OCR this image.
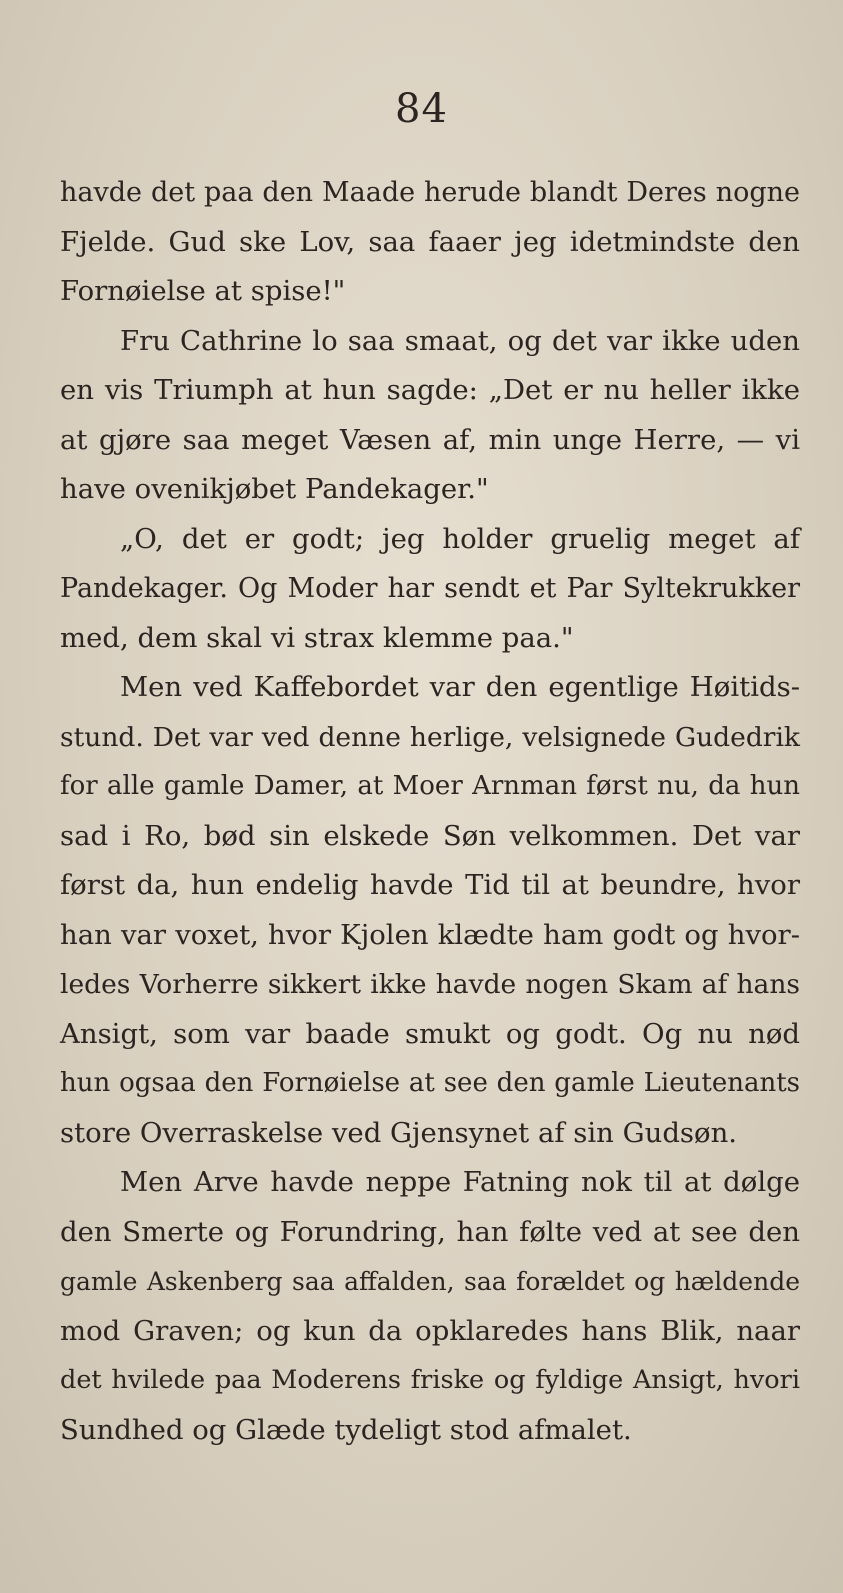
84
havde det paa den Maade herude blandt Deres nogne
Fjelde. Gud ske Lov, saa faaer jeg idetmindste den
Fornøielse at spise!"
Fru Cathrine lo saa smaat, og det var ikke uden
en vis Triumph at hun sagde: „Det er nu heller ikke
at gjøre saa meget Væsen af, min unge Herre, — vi
have ovenikjøbet Pandekager."
„O, det er godt; jeg holder gruelig meget af
Pandekager. Og Moder har sendt et Par Syltekrukker
med, dem skal vi strax klemme paa."
Men ved Kaffebordet var den egentlige Høitids-
stund. Det var ved denne herlige, velsignede Gudedrik
for alle gamle Damer, at Moer Arnman først nu, da hun
sad i Ro, bød sin elskede Søn velkommen. Det var
først da, hun endelig havde Tid til at beundre, hvor
han var voxet, hvor Kjolen klædte ham godt og hvor-
ledes Vorherre sikkert ikke havde nogen Skam af hans
Ansigt, som var baade smukt og godt. Og nu nød
hun ogsaa den Fornøielse at see den gamle Lieutenants
store Overraskelse ved Gjensynet af sin Gudsøn.
Men Arve havde neppe Fatning nok til at dølge
den Smerte og Forundring, han følte ved at see den
gamle Askenberg saa affalden, saa forældet og hældende
mod Graven; og kun da opklaredes hans Blik, naar
det hvilede paa Moderens friske og fyldige Ansigt, hvori
Sundhed og Glæde tydeligt stod afmalet.
